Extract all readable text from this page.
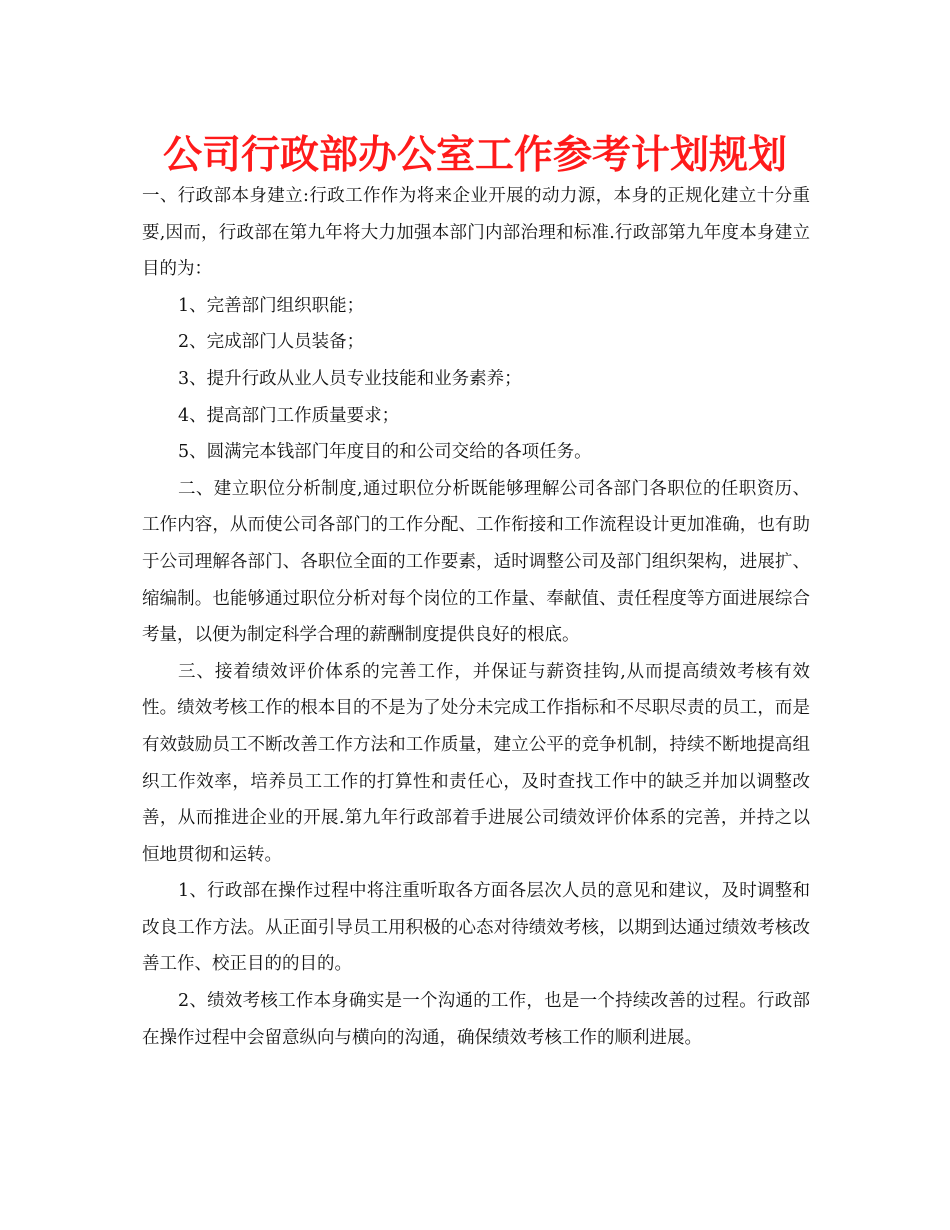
公司行政部办公室工作参考计划规划

一、行政部本身建立:行政工作作为将来企业开展的动力源，本身的正规化建立十分重要,因而，行政部在第九年将大力加强本部门内部治理和标准.行政部第九年度本身建立目的为：

1、完善部门组织职能；

2、完成部门人员装备；

3、提升行政从业人员专业技能和业务素养；

4、提高部门工作质量要求；

5、圆满完本钱部门年度目的和公司交给的各项任务。

二、建立职位分析制度,通过职位分析既能够理解公司各部门各职位的任职资历、工作内容，从而使公司各部门的工作分配、工作衔接和工作流程设计更加准确，也有助于公司理解各部门、各职位全面的工作要素，适时调整公司及部门组织架构，进展扩、缩编制。也能够通过职位分析对每个岗位的工作量、奉献值、责任程度等方面进展综合考量，以便为制定科学合理的薪酬制度提供良好的根底。

三、接着绩效评价体系的完善工作，并保证与薪资挂钩,从而提高绩效考核有效性。绩效考核工作的根本目的不是为了处分未完成工作指标和不尽职尽责的员工，而是有效鼓励员工不断改善工作方法和工作质量，建立公平的竞争机制，持续不断地提高组织工作效率，培养员工工作的打算性和责任心，及时查找工作中的缺乏并加以调整改善，从而推进企业的开展.第九年行政部着手进展公司绩效评价体系的完善，并持之以恒地贯彻和运转。

1、行政部在操作过程中将注重听取各方面各层次人员的意见和建议，及时调整和改良工作方法。从正面引导员工用积极的心态对待绩效考核，以期到达通过绩效考核改善工作、校正目的的目的。

2、绩效考核工作本身确实是一个沟通的工作，也是一个持续改善的过程。行政部在操作过程中会留意纵向与横向的沟通，确保绩效考核工作的顺利进展。
